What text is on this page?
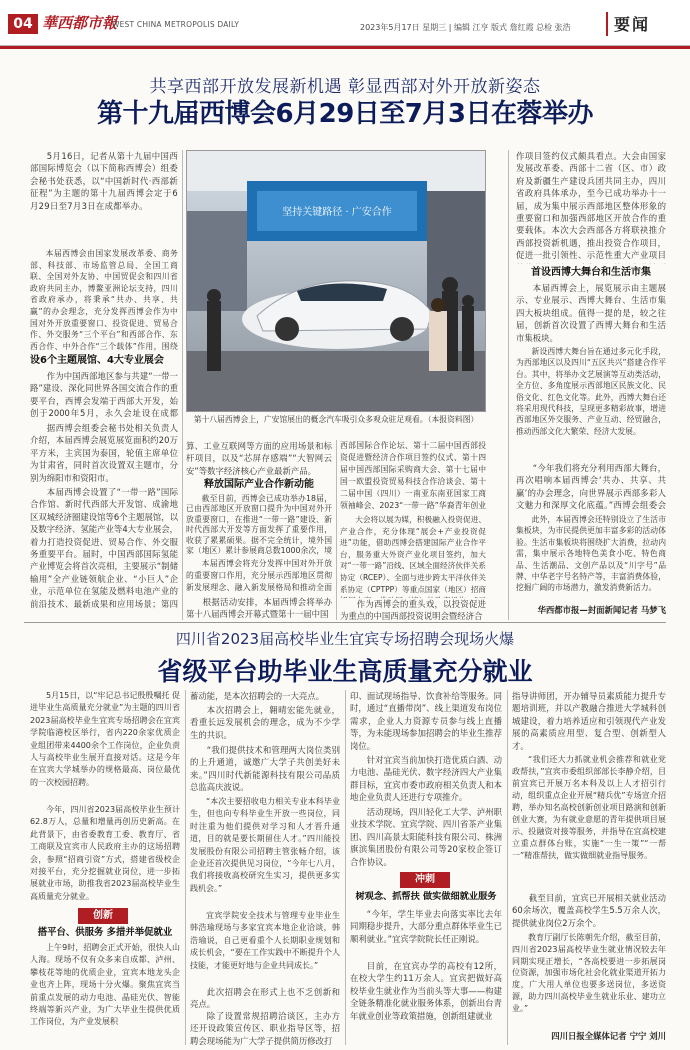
04 華西都市報
WEST CHINA METROPOLIS DAILY	2023年5月17日 星期三 | 编辑 江亨 版式 詹红霞 总检 张浩	要闻
共享西部开放发展新机遇 彰显西部对外开放新姿态
第十九届西博会6月29日至7月3日在蓉举办
5月16日，记者从第十九届中国西部国际博览会（以下简称西博会）组委会秘书处获悉，以“中国新时代·西部新征程”为主题的第十九届西博会定于6月29日至7月3日在成都举办。
本届西博会由国家发展改革委、商务部、科技部、市场监管总局、全国工商联、全国对外友协、中国贸促会和四川省政府共同主办，博鳌亚洲论坛支持，四川省政府承办，将秉承“共办、共享、共赢”的办会理念，充分发挥西博会作为中国对外开放重要窗口、投资促进、贸易合作、外交服务“三个平台”和西部合作、东西合作、中外合作“三个载体”作用，围绕
设6个主题展馆、4大专业展会
作为中国西部地区参与共建“一带一路”建设、深化同世界各国交流合作的重要平台，西博会发端于西部大开发，始创于2000年5月，永久会址设在成都
据西博会组委会秘书处相关负责人介绍，本届西博会展览展览面积约20万平方米，主宾国为泰国，轮值主席单位为甘肃省，同时首次设置双主题市，分别为绵阳市和资阳市。
本届西博会设置了“一带一路”国际合作馆、新时代西部大开发馆、成渝地区双城经济圈建设馆等6个主题展馆，以及数字经济、氢能产业等4大专业展会，着力打造投资促进、贸易合作、外交服务重要平台。届时，中国西部国际氢能产业博览会将首次亮相，主要展示“制储输用”全产业链领航企业、“小巨人”企业，示范单位在氢能及燃料电池产业的前沿技术、最新成果和应用场景；第四
坚持关键路径 · 广安合作
第十八届西博会上，广安馆展出的概念汽车吸引众多观众驻足观看。（本报资料图）
算、工业互联网等方面的应用场景和标杆项目，以及“芯屏存感端”“大智网云安”等数字经济核心产业最新产品。
释放国际产业合作新动能
截至目前，西博会已成功举办18届，已由西部地区开放窗口提升为中国对外开放重要窗口，在推进“一带一路”建设、新时代西部大开发等方面发挥了重要作用，收获了累累硕果。据不完全统计，境外国家（地区）累计参展商总数1000余次，境
本届西博会将充分发挥中国对外开放的重要窗口作用，充分展示西部地区贯彻新发展理念、融入新发展格局和推动全面
根据活动安排，本届西博会将举办第十八届西博会开幕式暨第十一届中国
西部国际合作论坛、第十二届中国西部投资促进暨经济合作项目签约仪式、第十四届中国西部国际采购商大会、第十七届中国一欧盟投资贸易科技合作洽谈会、第十二届中国（四川）一南亚东南亚国家工商领袖峰会、2023“一带一路”华裔青年创业
大会将以展为媒，积极融入投资促进、产业合作，充分体现“展会+产业投资促进”功能，借助西博会搭建国际产业合作平台，服务重大外资产业化项目签约，加大对“一带一路”沿线、区域全面经济伙伴关系协定（RCEP）、全面与进步跨太平洋伙伴关系协定（CPTPP）等重点国家（地区）招商
作为西博会的重头戏，以投资促进为重点的中国西部投资说明会暨经济合
作项目签约仪式颇具看点。大会由国家发展改革委、西部十二省（区、市）政府及新疆生产建设兵团共同主办，四川省政府具体承办，至今已成功举办十一届，成为集中展示西部地区整体形象的重要窗口和加强西部地区开放合作的重要载体。本次大会西部各方将联袂推介西部投资新机遇，推出投资合作项目，促进一批引领性、示范性重大产业项目
首设西博大舞台和生活市集
本届西博会上，展览展示由主题展示、专业展示、西博大舞台、生活市集四大板块组成。值得一提的是，较之往届，创新首次设置了西博大舞台和生活市集板块。
新设西博大舞台旨在通过多元化手段，为西部地区以及四川“五区共兴”搭建合作平台。其中，将举办文艺展演等互动类活动，全方位、多角度展示西部地区民族文化、民俗文化、红色文化等。此外，西博大舞台还将采用现代科技，呈现更多精彩故事，增进西部地区外交服务、产业互动、经贸融合，推动西部文化大繁荣、经济大发展。
“今年我们将充分利用西部大舞台，再次唱响本届西博会‘共办、共享、共赢’的办会理念，向世界展示西部多彩人文魅力和深厚文化底蕴。”西博会组委会
此外，本届西博会还特别设立了生活市集板块，为市民提供更加丰富多彩的活动体验。生活市集板块将围绕扩大消费，拉动内需，集中展示各地特色美食小吃、特色商品、生活潮品、文创产品以及“川字号”品牌、中华老字号名特产等，丰富消费体验，挖掘广阔的市场潜力，激发消费新活力。
华西都市报—封面新闻记者 马梦飞
四川省2023届高校毕业生宜宾专场招聘会现场火爆
省级平台助毕业生高质量充分就业
5月15日，以“牢记总书记殷殷嘱托 促进毕业生高质量充分就业”为主题的四川省2023届高校毕业生宜宾专场招聘会在宜宾学院临港校区举行，省内220余家优质企业组团带来4400余个工作岗位，企业负责人与高校毕业生展开直接对话。这是今年在宜宾大学城举办的规格最高、岗位最优的一次校园招聘。
今年，四川省2023届高校毕业生预计62.8万人，总量和增量再创历史新高。在此背景下，由省委教育工委、教育厅、省工商联及宜宾市人民政府主办的这场招聘会，参照“招商引资”方式，搭建省级校企对接平台，充分挖掘就业岗位，进一步拓展就业市场，助推我省2023届高校毕业生高质量充分就业。
创新
搭平台、供服务 多措并举促就业
上午9时，招聘会正式开始，很快人山人海。现场不仅有众多来自成都、泸州、攀枝花等地的优质企业，宜宾本地龙头企业也齐上阵，现场十分火爆。聚焦宜宾当前重点发展的动力电池、晶硅光伏、智能终端等新兴产业，为广大毕业生提供优质工作岗位，为产业发展积
蓄动能，是本次招聘会的一大亮点。
本次招聘会上，翱晴宏能先就业，看重长远发展机会的理念，成为不少学生的共识。
“我们提供技术和管理两大岗位类别的上升通道，诚邀广大学子共创美好未来。”四川时代新能源科技有限公司品质总监高庆波说。
“本次主要招收电力相关专业本科毕业生，但也向专科毕业生开放一些岗位，同时注重为他们提供对学习和人才晋升通道，目的就是要长期留住人才。”四川能投发展股份有限公司招聘主管张畅介绍，该企业还首次提供见习岗位，“今年七八月，我们将接收高校研究生实习，提供更多实践机会。”
宜宾学院安全技术与管理专业毕业生韩浩瑜现场与多家宜宾本地企业洽谈，韩浩瑜说，自己更看重个人长期职业规划和成长机会，“要在工作实践中不断提升个人技能，才能更好地与企业共同成长。”
此次招聘会在形式上也不乏创新和亮点。
除了设置常规招聘洽谈区，主办方还开设政策宣传区、职业指导区等，招聘会现场能为广大学子提供简历修改打
印、面试现场指导、饮食补给等服务。同时，通过“直播带岗”、线上渠道发布岗位需求，企业人力资源专员参与线上直播等，为未能现场参加招聘会的毕业生推荐岗位。
针对宜宾当前加快打造优质白酒、动力电池、晶硅光伏、数字经济四大产业集群目标，宜宾市委市政府相关负责人和本地企业负责人还进行专项推介。
活动现场，四川轻化工大学、泸州职业技术学院、宜宾学院、四川省茶产业集团、四川高景太阳能科技有限公司、株洲旗滨集团股份有限公司等20家校企签订合作协议。
冲刺
树观念、抓帮扶 做实做细就业服务
“今年，学生毕业去向落实率比去年同期稳步提升，大部分重点群体毕业生已顺利就业。”宜宾学院院长任正刚说。
目前，在宜宾办学的高校有12所，在校大学生约11万余人。宜宾把做好高校毕业生就业作为当前头等大事——构建全链条精准化就业服务体系，创新出台青年就业创业等政策措施，创新组建就业
指导讲师团，开办辅导员素质能力提升专题培训班，并以产教融合推进大学城科创城建设，着力培养适应和引领现代产业发展的高素质应用型、复合型、创新型人才。
“我们还大力抓就业机会推荐和就业党政帮扶，”宜宾市委组织部部长李静介绍，目前宜宾已开展万名本科及以上人才招引行动，组织重点企业开展“精兵优”专场宣介招聘，举办知名高校创新创业项目路演和创新创业大赛，为有就业意愿的青年提供项目展示、投融资对接等服务，并指导在宜高校建立重点群体台账，实施“一生一策”“一帮一”精准帮扶，做实做细就业指导服务。
截至目前，宜宾已开展相关就业活动60余场次，覆盖高校学生5.5万余人次，提供就业岗位2万余个。
教育厅副厅长陈朝先介绍，截至目前，四川省2023届高校毕业生就业情况较去年同期实现正增长，“各高校要进一步拓展岗位资源，加强市场化社会化就业渠道开拓力度，广大用人单位也要多送岗位，多送资源，助力四川高校毕业生就业乐业、建功立业。”
四川日报全媒体记者 宁宁 刘川
